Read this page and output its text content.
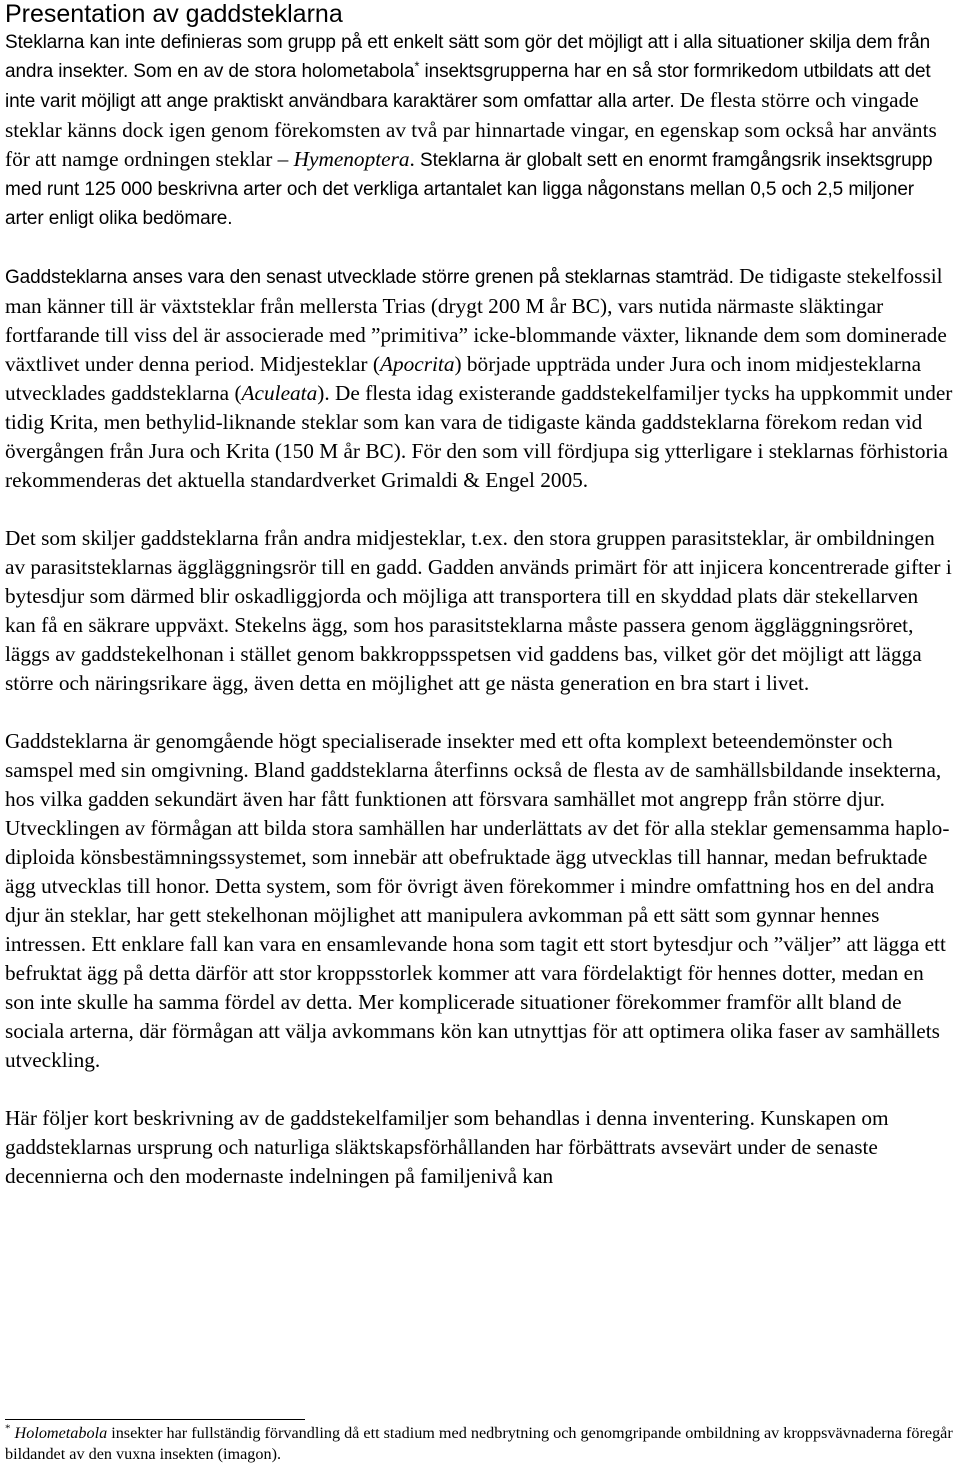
Presentation av gaddsteklarna

Steklarna kan inte definieras som grupp på ett enkelt sätt som gör det möjligt att i alla situationer skilja dem från andra insekter. Som en av de stora holometabola* insektsgrupperna har en så stor formrikedom utbildats att det inte varit möjligt att ange praktiskt användbara karaktärer som omfattar alla arter. De flesta större och vingade steklar känns dock igen genom förekomsten av två par hinnartade vingar, en egenskap som också har använts för att namge ordningen steklar – Hymenoptera. Steklarna är globalt sett en enormt framgångsrik insektsgrupp med runt 125 000 beskrivna arter och det verkliga artantalet kan ligga någonstans mellan 0,5 och 2,5 miljoner arter enligt olika bedömare.

Gaddsteklarna anses vara den senast utvecklade större grenen på steklarnas stamträd. De tidigaste stekelfossil man känner till är växtsteklar från mellersta Trias (drygt 200 M år BC), vars nutida närmaste släktingar fortfarande till viss del är associerade med ”primitiva” icke-blommande växter, liknande dem som dominerade växtlivet under denna period. Midjesteklar (Apocrita) började uppträda under Jura och inom midjesteklarna utvecklades gaddsteklarna (Aculeata). De flesta idag existerande gaddstekelfamiljer tycks ha uppkommit under tidig Krita, men bethylid-liknande steklar som kan vara de tidigaste kända gaddsteklarna förekom redan vid övergången från Jura och Krita (150 M år BC). För den som vill fördjupa sig ytterligare i steklarnas förhistoria rekommenderas det aktuella standardverket Grimaldi & Engel 2005.

Det som skiljer gaddsteklarna från andra midjesteklar, t.ex. den stora gruppen parasitsteklar, är ombildningen av parasitsteklarnas äggläggningsrör till en gadd. Gadden används primärt för att injicera koncentrerade gifter i bytesdjur som därmed blir oskadliggjorda och möjliga att transportera till en skyddad plats där stekellarven kan få en säkrare uppväxt. Stekelns ägg, som hos parasitsteklarna måste passera genom äggläggningsröret, läggs av gaddstekelhonan i stället genom bakkroppsspetsen vid gaddens bas, vilket gör det möjligt att lägga större och näringsrikare ägg, även detta en möjlighet att ge nästa generation en bra start i livet.

Gaddsteklarna är genomgående högt specialiserade insekter med ett ofta komplext beteendemönster och samspel med sin omgivning. Bland gaddsteklarna återfinns också de flesta av de samhällsbildande insekterna, hos vilka gadden sekundärt även har fått funktionen att försvara samhället mot angrepp från större djur. Utvecklingen av förmågan att bilda stora samhällen har underlättats av det för alla steklar gemensamma haplo-diploida könsbestämningssystemet, som innebär att obefruktade ägg utvecklas till hannar, medan befruktade ägg utvecklas till honor. Detta system, som för övrigt även förekommer i mindre omfattning hos en del andra djur än steklar, har gett stekelhonan möjlighet att manipulera avkomman på ett sätt som gynnar hennes intressen. Ett enklare fall kan vara en ensamlevande hona som tagit ett stort bytesdjur och ”väljer” att lägga ett befruktat ägg på detta därför att stor kroppsstorlek kommer att vara fördelaktigt för hennes dotter, medan en son inte skulle ha samma fördel av detta. Mer komplicerade situationer förekommer framför allt bland de sociala arterna, där förmågan att välja avkommans kön kan utnyttjas för att optimera olika faser av samhällets utveckling.

Här följer kort beskrivning av de gaddstekelfamiljer som behandlas i denna inventering. Kunskapen om gaddsteklarnas ursprung och naturliga släktskapsförhållanden har förbättrats avsevärt under de senaste decennierna och den modernaste indelningen på familjenivå kan

* Holometabola insekter har fullständig förvandling då ett stadium med nedbrytning och genomgripande ombildning av kroppsvävnaderna föregår bildandet av den vuxna insekten (imagon).
